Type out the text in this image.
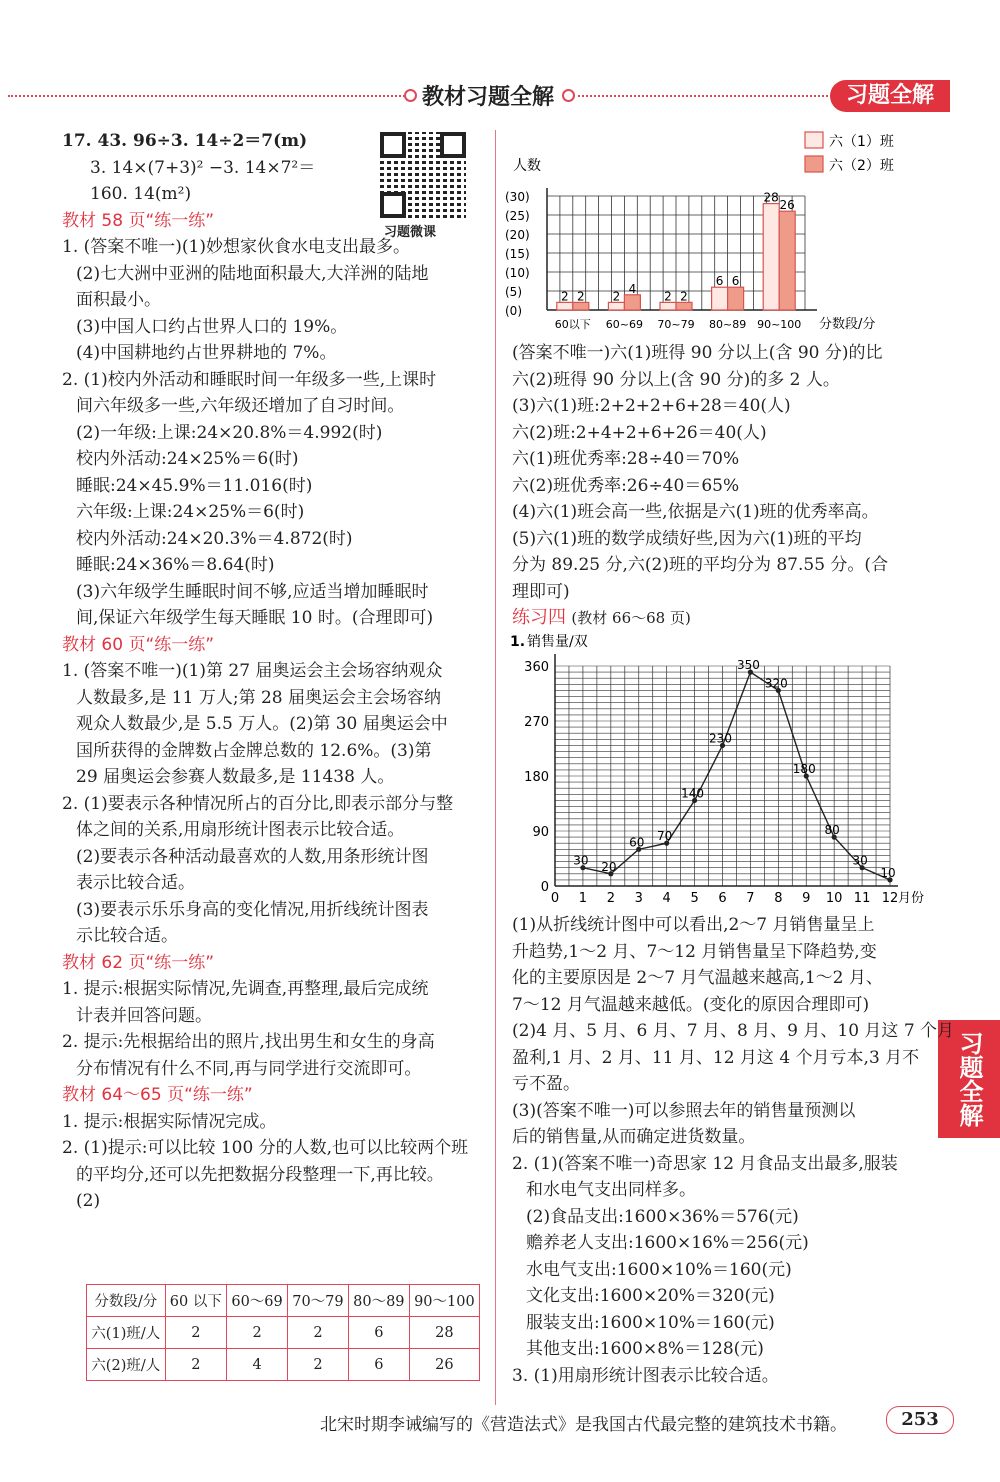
教材习题全解	习题全解
习题全解
习题微课

17. 43. 96÷3. 14÷2＝7(m)

3. 14×(7+3)² −3. 14×7²＝

160. 14(m²)

教材 58 页“练一练”

1. (答案不唯一)(1)妙想家伙食水电支出最多。

(2)七大洲中亚洲的陆地面积最大,大洋洲的陆地

面积最小。

(3)中国人口约占世界人口的 19%。

(4)中国耕地约占世界耕地的 7%。

2. (1)校内外活动和睡眠时间一年级多一些,上课时

间六年级多一些,六年级还增加了自习时间。

(2)一年级:上课:24×20.8%＝4.992(时)

校内外活动:24×25%＝6(时)

睡眠:24×45.9%＝11.016(时)

六年级:上课:24×25%＝6(时)

校内外活动:24×20.3%＝4.872(时)

睡眠:24×36%＝8.64(时)

(3)六年级学生睡眠时间不够,应适当增加睡眠时

间,保证六年级学生每天睡眠 10 时。(合理即可)

教材 60 页“练一练”

1. (答案不唯一)(1)第 27 届奥运会主会场容纳观众

人数最多,是 11 万人;第 28 届奥运会主会场容纳

观众人数最少,是 5.5 万人。(2)第 30 届奥运会中

国所获得的金牌数占金牌总数的 12.6%。(3)第

29 届奥运会参赛人数最多,是 11438 人。

2. (1)要表示各种情况所占的百分比,即表示部分与整

体之间的关系,用扇形统计图表示比较合适。

(2)要表示各种活动最喜欢的人数,用条形统计图

表示比较合适。

(3)要表示乐乐身高的变化情况,用折线统计图表

示比较合适。

教材 62 页“练一练”

1. 提示:根据实际情况,先调查,再整理,最后完成统

计表并回答问题。

2. 提示:先根据给出的照片,找出男生和女生的身高

分布情况有什么不同,再与同学进行交流即可。

教材 64～65 页“练一练”

1. 提示:根据实际情况完成。

2. (1)提示:可以比较 100 分的人数,也可以比较两个班

的平均分,还可以先把数据分段整理一下,再比较。

(2)

分数段/分	60 以下	60～69	70～79	80～89	90～100
六(1)班/人	2	2	2	6	28
六(2)班/人	2	4	2	6	26
人数
(30)
(25)
(20)
(15)
(10)
(5)
(0)
60以下
2 2
60~69
2
4
70~79
2 2
80~89
6 6
90~100
28
26
分数段/分
六（1）班
六（2）班

(答案不唯一)六(1)班得 90 分以上(含 90 分)的比

六(2)班得 90 分以上(含 90 分)的多 2 人。

(3)六(1)班:2+2+2+6+28＝40(人)

六(2)班:2+4+2+6+26＝40(人)

六(1)班优秀率:28÷40＝70%

六(2)班优秀率:26÷40＝65%

(4)六(1)班会高一些,依据是六(1)班的优秀率高。

(5)六(1)班的数学成绩好些,因为六(1)班的平均

分为 89.25 分,六(2)班的平均分为 87.55 分。(合

理即可)

练习四 (教材 66～68 页)

1. 销售量/双
0
90
180
270
360
0 1 2 3 4 5 6 7 8 9 10 11 12 月份
30 20
60 70
140
230
350
320
180
80
30
10

(1)从折线统计图中可以看出,2～7 月销售量呈上

升趋势,1～2 月、7～12 月销售量呈下降趋势,变

化的主要原因是 2～7 月气温越来越高,1～2 月、

7～12 月气温越来越低。(变化的原因合理即可)

(2)4 月、5 月、6 月、7 月、8 月、9 月、10 月这 7 个月

盈利,1 月、2 月、11 月、12 月这 4 个月亏本,3 月不

亏不盈。

(3)(答案不唯一)可以参照去年的销售量预测以

后的销售量,从而确定进货数量。

2. (1)(答案不唯一)奇思家 12 月食品支出最多,服装

和水电气支出同样多。

(2)食品支出:1600×36%＝576(元)

赡养老人支出:1600×16%＝256(元)

水电气支出:1600×10%＝160(元)

文化支出:1600×20%＝320(元)

服装支出:1600×10%＝160(元)

其他支出:1600×8%＝128(元)

3. (1)用扇形统计图表示比较合适。

北宋时期李诫编写的《营造法式》是我国古代最完整的建筑技术书籍。	253
